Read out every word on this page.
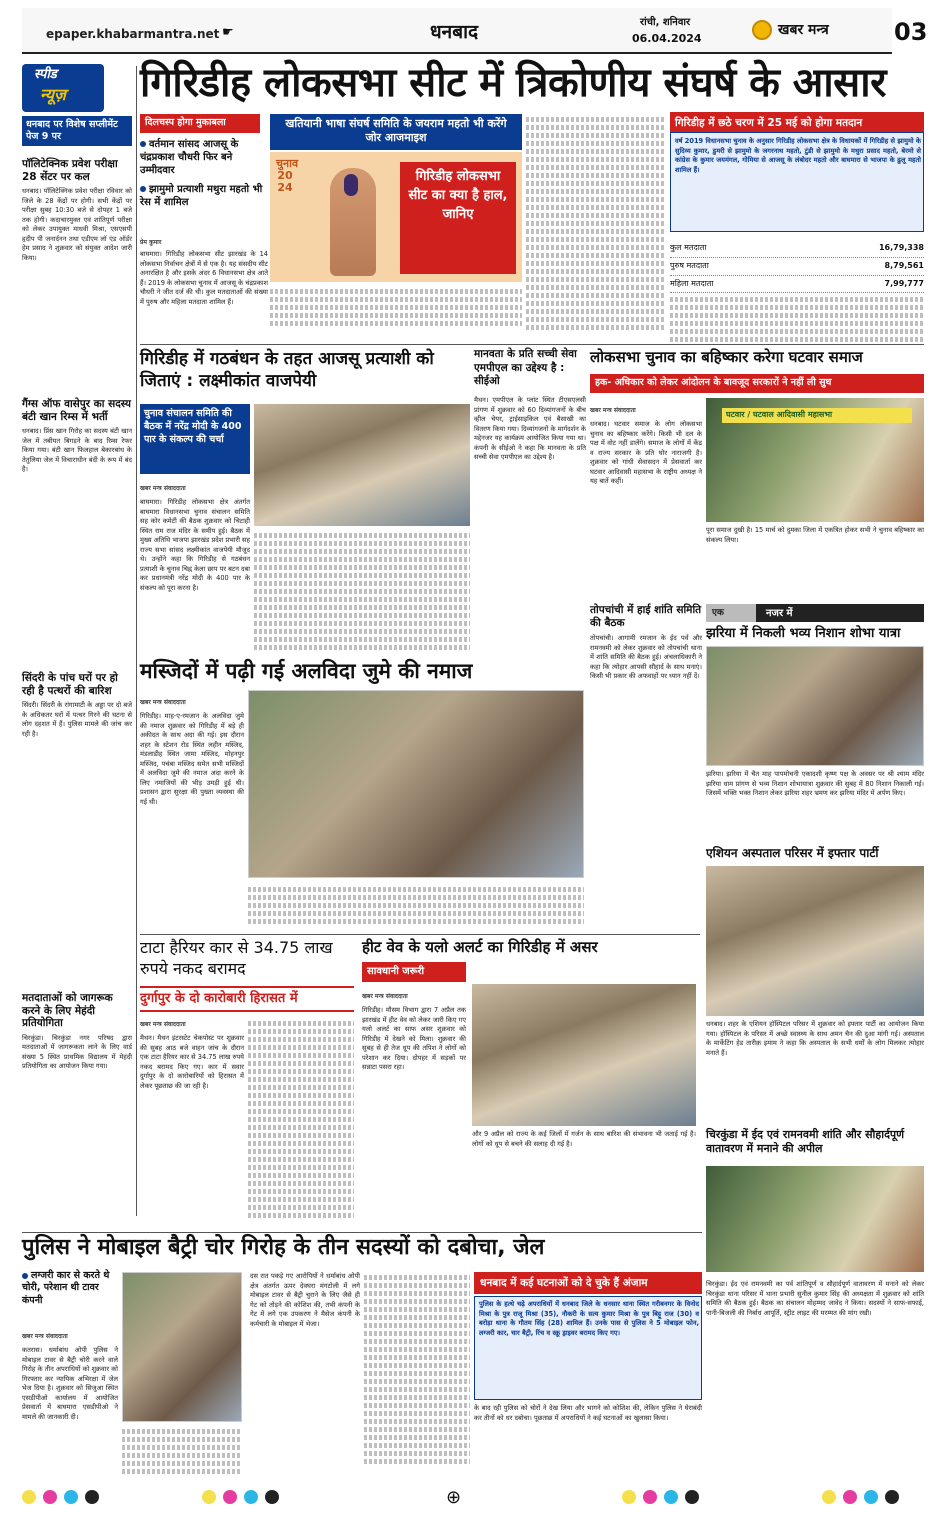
epaper.khabarmantra.net ☛	धनबाद	रांची, शनिवार
06.04.2024
खबर मन्त्र	03
स्पीड
न्यूज़
धनबाद पर विशेष सप्लीमेंट पेज 9 पर
पॉलिटेक्निक प्रवेश परीक्षा 28 सेंटर पर कल
धनबाद। पॉलिटेक्निक प्रवेश परीक्षा रविवार को जिले के 28 केंद्रों पर होगी। सभी केंद्रों पर परीक्षा सुबह 10:30 बजे से दोपहर 1 बजे तक होगी। कदाचारमुक्त एवं शांतिपूर्ण परीक्षा को लेकर उपायुक्त माधवी मिश्रा, एसएसपी हृदीप पी जनार्दनन तथा एडीएम लॉ एंड ऑर्डर हेम प्रसाद ने शुक्रवार को संयुक्त आदेश जारी किया।
गैंग्स ऑफ वासेपुर का सदस्य बंटी खान रिम्स में भर्ती
धनबाद। प्रिंस खान गिरोह का सदस्य बंटी खान जेल में तबीयत बिगड़ने के बाद रिम्स रेफर किया गया। बंटी खान फिलहाल बेकारबांध के तेतुलिया जेल में विचाराधीन बंदी के रूप में बंद है।
सिंदरी के पांच घरों पर हो रही है पत्थरों की बारिश
सिंदरी। सिंदरी के रांगामाटी के अड्डा पर दो बजे के अधिकतर घरों में पत्थर गिरने की घटना से लोग दहशत में हैं। पुलिस मामले की जांच कर रही है।
मतदाताओं को जागरूक करने के लिए मेहंदी प्रतियोगिता
चिरकुंडा। चिरकुंडा नगर परिषद द्वारा मतदाताओं में जागरूकता लाने के लिए वार्ड संख्या 5 स्थित प्राथमिक विद्यालय में मेहंदी प्रतियोगिता का आयोजन किया गया।
गिरिडीह लोकसभा सीट में त्रिकोणीय संघर्ष के आसार
दिलचस्प होगा मुकाबला
वर्तमान सांसद आजसू के चंद्रप्रकाश चौधरी फिर बने उम्मीदवार
झामुमो प्रत्याशी मथुरा महतो भी रेस में शामिल
प्रेम कुमार
बाघमारा। गिरिडीह लोकसभा सीट झारखंड के 14 लोकसभा निर्वाचन क्षेत्रों में से एक है। यह संसदीय सीट अनारक्षित है और इसके अंदर 6 विधानसभा क्षेत्र आते हैं। 2019 के लोकसभा चुनाव में आजसू के चंद्रप्रकाश चौधरी ने जीत दर्ज की थी। कुल मतदाताओं की संख्या में पुरुष और महिला मतदाता शामिल हैं।
खतियानी भाषा संघर्ष समिति के जयराम महतो भी करेंगे जोर आजमाइश
चुनाव 2024
गिरिडीह लोकसभा सीट का क्या है हाल, जानिए
गिरिडीह में छठे चरण में 25 मई को होगा मतदान
वर्ष 2019 विधानसभा चुनाव के अनुसार गिरिडीह लोकसभा क्षेत्र के विधायकों में गिरिडीह से झामुमो के सुदिव्य कुमार, डुमरी से झामुमो के जगरनाथ महतो, टुंडी से झामुमो के मथुरा प्रसाद महतो, बेरमो से कांग्रेस के कुमार जयमंगल, गोमिया से आजसू के लंबोदर महतो और बाघमारा से भाजपा के ढुलू महतो शामिल हैं।
कुल मतदाता	16,79,338
पुरुष मतदाता	8,79,561
महिला मतदाता	7,99,777
गिरिडीह में गठबंधन के तहत आजसू प्रत्याशी को जिताएं : लक्ष्मीकांत वाजपेयी
चुनाव संचालन समिति की बैठक में नरेंद्र मोदी के 400 पार के संकल्प की चर्चा
खबर मन्त्र संवाददाता
बाघमारा। गिरिडीह लोकसभा क्षेत्र अंतर्गत बाघमारा विधानसभा चुनाव संचालन समिति सह कोर कमेटी की बैठक शुक्रवार को चिटाही स्थित राम राज मंदिर के समीप हुई। बैठक में मुख्य अतिथि भाजपा झारखंड प्रदेश प्रभारी सह राज्य सभा सांसद लक्ष्मीकांत वाजपेयी मौजूद थे। उन्होंने कहा कि गिरिडीह से गठबंधन प्रत्याशी के चुनाव चिह्न केला छाप पर बटन दबा कर प्रधानमंत्री नरेंद्र मोदी के 400 पार के संकल्प को पूरा करना है।
मानवता के प्रति सच्ची सेवा एमपीएल का उद्देश्य है : सीईओ
मैथन। एमपीएल के प्लांट स्थित टीएसएलसी प्रांगण में शुक्रवार को 60 दिव्यांगजनों के बीच व्हील चेयर, ट्राईसाइकिल एवं बैसाखी का वितरण किया गया। दिव्यांगजनों के मार्गदर्शन के मद्देनजर यह कार्यक्रम आयोजित किया गया था। कंपनी के सीईओ ने कहा कि मानवता के प्रति सच्ची सेवा एमपीएल का उद्देश्य है।
लोकसभा चुनाव का बहिष्कार करेगा घटवार समाज
हक- अधिकार को लेकर आंदोलन के बावजूद सरकारों ने नहीं ली सुध
खबर मन्त्र संवाददाता
धनबाद। घटवार समाज के लोग लोकसभा चुनाव का बहिष्कार करेंगे। किसी भी दल के पक्ष में वोट नहीं डालेंगे। समाज के लोगों में केंद्र व राज्य सरकार के प्रति घोर नाराजगी है। शुक्रवार को गांधी सेवासदन में प्रेसवार्ता कर घटवार आदिवासी महासभा के राष्ट्रीय अध्यक्ष ने यह बातें कहीं।
घटवार / घटवाल आदिवासी महासभा
पूरा समाज दुखी है। 15 मार्च को दुमका जिला में एकत्रित होकर सभी ने चुनाव बहिष्कार का संकल्प लिया।
तोपचांची में हाई शांति समिति की बैठक
तोपचांची। आगामी रमजान के ईद पर्व और रामनवमी को लेकर शुक्रवार को तोपचांची थाना में शांति समिति की बैठक हुई। अंचलाधिकारी ने कहा कि त्योहार आपसी सौहार्द के साथ मनाएं। किसी भी प्रकार की अफवाहों पर ध्यान नहीं दें।
एक	नजर में
झरिया में निकली भव्य निशान शोभा यात्रा
झरिया। झरिया में चैत माह पापमोचनी एकादशी कृष्ण पक्ष के अवसर पर श्री श्याम मंदिर झरिया धाम प्रांगण से भव्य निशान शोभायात्रा शुक्रवार की सुबह में 80 निशान निकाली गई। जिसमें भक्ति भक्त निशान लेकर झरिया शहर भ्रमण कर झरिया मंदिर में अर्पण किए।
एशियन अस्पताल परिसर में इफ्तार पार्टी
धनबाद। शहर के एशियन हॉस्पिटल परिसर में शुक्रवार को इफ्तार पार्टी का आयोजन किया गया। हॉस्पिटल के परिसर में अच्छे स्वास्थ्य के साथ अमन चैन की दुआ मांगी गई। अस्पताल के मार्केटिंग हेड तारीक़ इमाम ने कहा कि अस्पताल के सभी धर्मों के लोग मिलकर त्योहार मनाते हैं।
चिरकुंडा में ईद एवं रामनवमी शांति और सौहार्दपूर्ण वातावरण में मनाने की अपील
चिरकुंडा। ईद एवं रामनवमी का पर्व शांतिपूर्ण व सौहार्दपूर्ण वातावरण में मनाने को लेकर चिरकुंडा थाना परिसर में थाना प्रभारी सुनील कुमार सिंह की अध्यक्षता में शुक्रवार को शांति समिति की बैठक हुई। बैठक का संचालन मोहम्मद जावेद ने किया। सदस्यों ने साफ-सफाई, पानी-बिजली की निर्बाध आपूर्ति, स्ट्रीट लाइट की मरम्मत की मांग रखी।
मस्जिदों में पढ़ी गई अलविदा जुमे की नमाज
खबर मन्त्र संवाददाता
गिरिडीह। माह-ए-रमजान के अलविदा जुमे की नमाज शुक्रवार को गिरिडीह में बड़े ही अकीदत के साथ अदा की गई। इस दौरान शहर के स्टेशन रोड स्थित लहीन मस्जिद, मंडलाडीह स्थित जामा मस्जिद, मोहनपुर मस्जिद, पचंबा मस्जिद समेत सभी मस्जिदों में अलविदा जुमे की नमाज अदा करने के लिए नमाजियों की भीड़ उमड़ी हुई थी। प्रशासन द्वारा सुरक्षा की पुख्ता व्यवस्था की गई थी।
टाटा हैरियर कार से 34.75 लाख रुपये नकद बरामद
दुर्गापुर के दो कारोबारी हिरासत में
खबर मन्त्र संवाददाता
मैथन। मैथन इंटरस्टेट चेकपोस्ट पर शुक्रवार की सुबह आठ बजे वाहन जांच के दौरान एक टाटा हैरियर कार से 34.75 लाख रुपये नकद बरामद किए गए। कार में सवार दुर्गापुर के दो कारोबारियों को हिरासत में लेकर पूछताछ की जा रही है।
हीट वेव के यलो अलर्ट का गिरिडीह में असर
सावधानी जरूरी
खबर मन्त्र संवाददाता
गिरिडीह। मौसम विभाग द्वारा 7 अप्रैल तक झारखंड में हीट वेव को लेकर जारी किए गए यलो अलर्ट का साफ असर शुक्रवार को गिरिडीह में देखने को मिला। शुक्रवार की सुबह से ही तेज धूप की तपिश ने लोगों को परेशान कर दिया। दोपहर में सड़कों पर सन्नाटा पसरा रहा।
और 9 अप्रैल को राज्य के कई जिलों में गर्जन के साथ बारिश की संभावना भी जताई गई है। लोगों को धूप से बचने की सलाह दी गई है।
पुलिस ने मोबाइल बैट्री चोर गिरोह के तीन सदस्यों को दबोचा, जेल
लग्जरी कार से करते थे चोरी, परेशान थी टावर कंपनी
खबर मन्त्र संवाददाता
कतरास। धर्माबांध ओपी पुलिस ने मोबाइल टावर से बैट्री चोरी करने वाले गिरोह के तीन अपराधियों को शुक्रवार को गिरफ्तार कर न्यायिक अभिरक्षा में जेल भेज दिया है। शुक्रवार को सिजुआ स्थित एसडीपीओ कार्यालय में आयोजित प्रेसवार्ता में बाघमारा एसडीपीओ ने मामले की जानकारी दी।
दस रात पकड़े गए आरोपियों ने धर्माबांध ओपी क्षेत्र अंतर्गत ऊपर देवघरा मंगटोली में लगे मोबाइल टावर से बैट्री चुराने के लिए जैसे ही गेट को तोड़ने की कोशिश की, तभी कंपनी के गेट में लगे एक उपकरण ने मैसेज कंपनी के कर्मचारी के मोबाइल में भेजा।
धनबाद में कई घटनाओं को दे चुके हैं अंजाम
पुलिस के हत्थे चढ़े अपराधियों में धनबाद जिले के धनसार थाना स्थित गरीबनगर के विनोद मिश्रा के पुत्र राजू मिश्रा (35), नौकरी के सत्य कुमार मिश्रा के पुत्र बिट्टू राज (30) व बरोड़ा थाना के गौतम सिंह (28) शामिल हैं। उनके पास से पुलिस ने 5 मोबाइल फोन, लग्जरी कार, चार बैट्री, रिंच व स्क्रू ड्राइवर बरामद किए गए।
के बाद रही पुलिस को चोरों ने देख लिया और भागने को कोशिश की, लेकिन पुलिस ने घेराबंदी कर तीनों को धर दबोचा। पूछताछ में अपराधियों ने कई घटनाओं का खुलासा किया।
⊕
